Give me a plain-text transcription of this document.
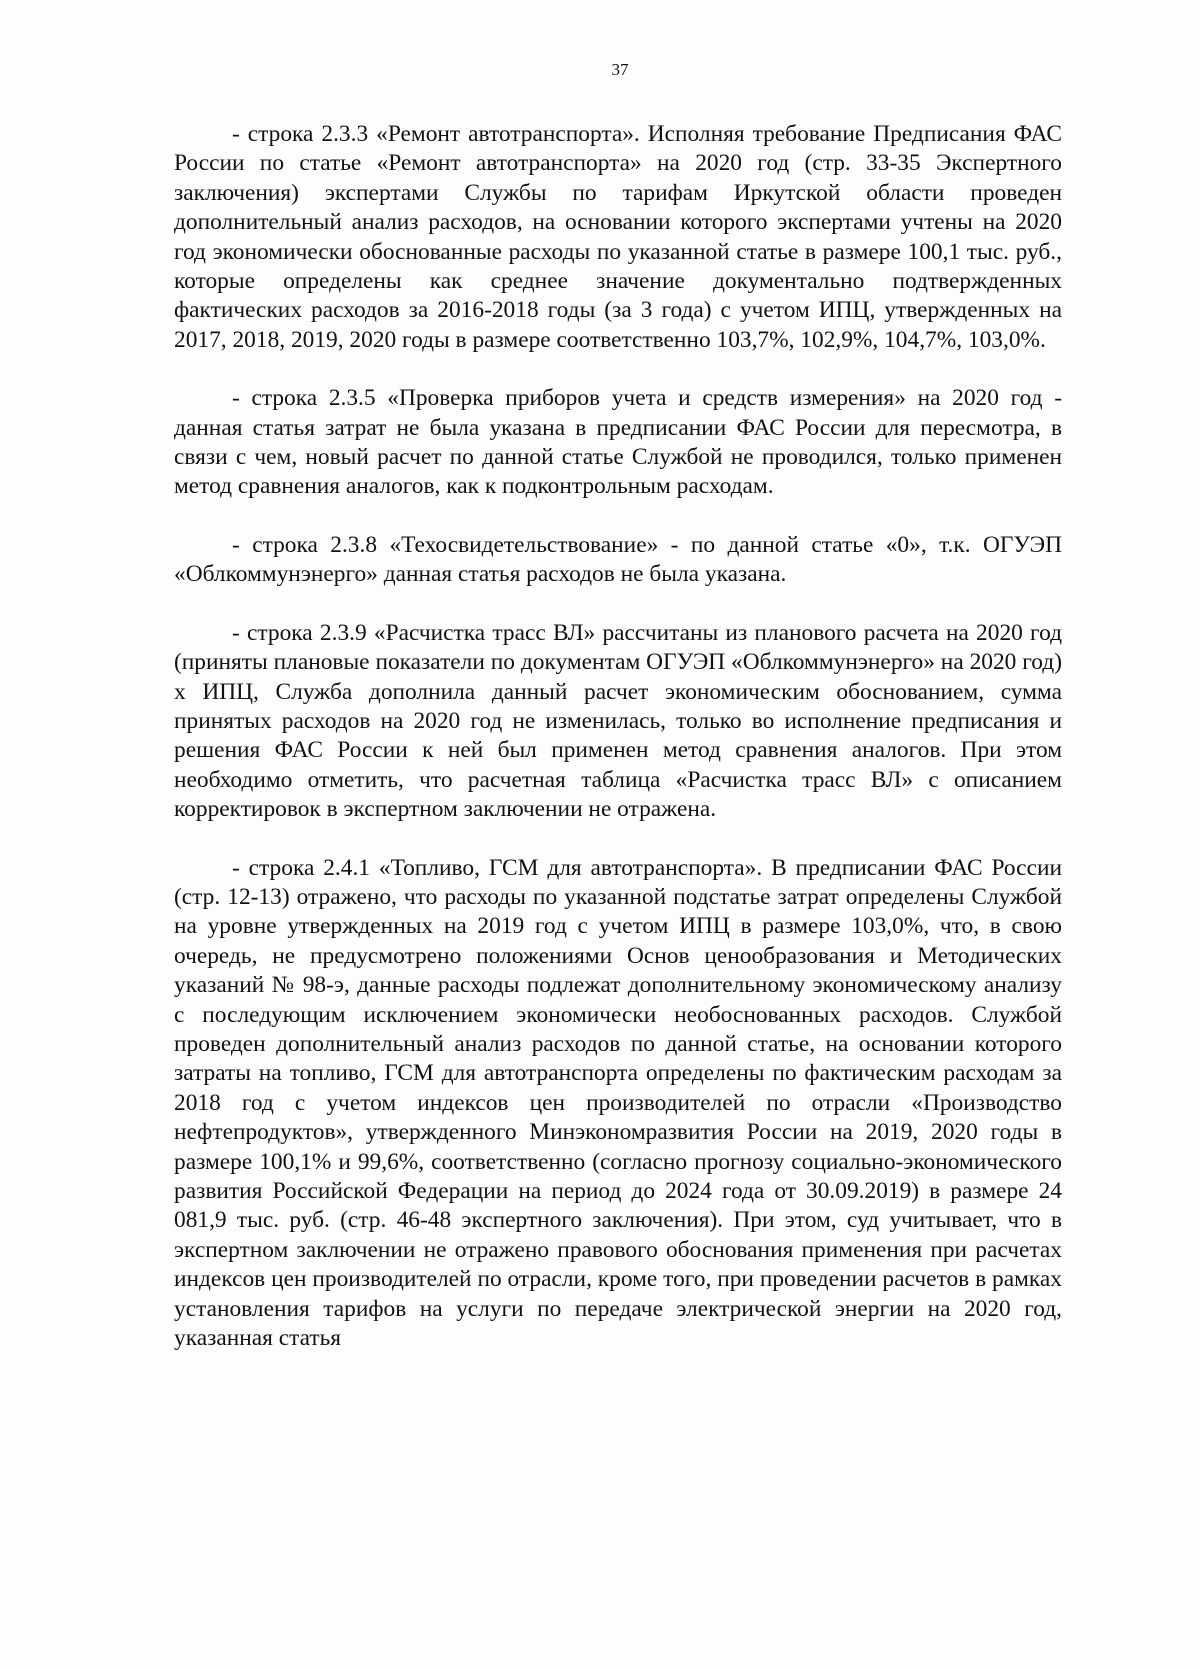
37

- строка 2.3.3 «Ремонт автотранспорта». Исполняя требование Предписания ФАС России по статье «Ремонт автотранспорта» на 2020 год (стр. 33-35 Экспертного заключения) экспертами Службы по тарифам Иркутской области проведен дополнительный анализ расходов, на основании которого экспертами учтены на 2020 год экономически обоснованные расходы по указанной статье в размере 100,1 тыс. руб., которые определены как среднее значение документально подтвержденных фактических расходов за 2016-2018 годы (за 3 года) с учетом ИПЦ, утвержденных на 2017, 2018, 2019, 2020 годы в размере соответственно 103,7%, 102,9%, 104,7%, 103,0%.

- строка 2.3.5 «Проверка приборов учета и средств измерения» на 2020 год - данная статья затрат не была указана в предписании ФАС России для пересмотра, в связи с чем, новый расчет по данной статье Службой не проводился, только применен метод сравнения аналогов, как к подконтрольным расходам.

- строка 2.3.8 «Техосвидетельствование» - по данной статье «0», т.к. ОГУЭП «Облкоммунэнерго» данная статья расходов не была указана.

- строка 2.3.9 «Расчистка трасс ВЛ» рассчитаны из планового расчета на 2020 год (приняты плановые показатели по документам ОГУЭП «Облкоммунэнерго» на 2020 год) х ИПЦ, Служба дополнила данный расчет экономическим обоснованием, сумма принятых расходов на 2020 год не изменилась, только во исполнение предписания и решения ФАС России к ней был применен метод сравнения аналогов. При этом необходимо отметить, что расчетная таблица «Расчистка трасс ВЛ» с описанием корректировок в экспертном заключении не отражена.

- строка 2.4.1 «Топливо, ГСМ для автотранспорта». В предписании ФАС России (стр. 12-13) отражено, что расходы по указанной подстатье затрат определены Службой на уровне утвержденных на 2019 год с учетом ИПЦ в размере 103,0%, что, в свою очередь, не предусмотрено положениями Основ ценообразования и Методических указаний № 98-э, данные расходы подлежат дополнительному экономическому анализу с последующим исключением экономически необоснованных расходов. Службой проведен дополнительный анализ расходов по данной статье, на основании которого затраты на топливо, ГСМ для автотранспорта определены по фактическим расходам за 2018 год с учетом индексов цен производителей по отрасли «Производство нефтепродуктов», утвержденного Минэкономразвития России на 2019, 2020 годы в размере 100,1% и 99,6%, соответственно (согласно прогнозу социально-экономического развития Российской Федерации на период до 2024 года от 30.09.2019) в размере 24 081,9 тыс. руб. (стр. 46-48 экспертного заключения). При этом, суд учитывает, что в экспертном заключении не отражено правового обоснования применения при расчетах индексов цен производителей по отрасли, кроме того, при проведении расчетов в рамках установления тарифов на услуги по передаче электрической энергии на 2020 год, указанная статья
